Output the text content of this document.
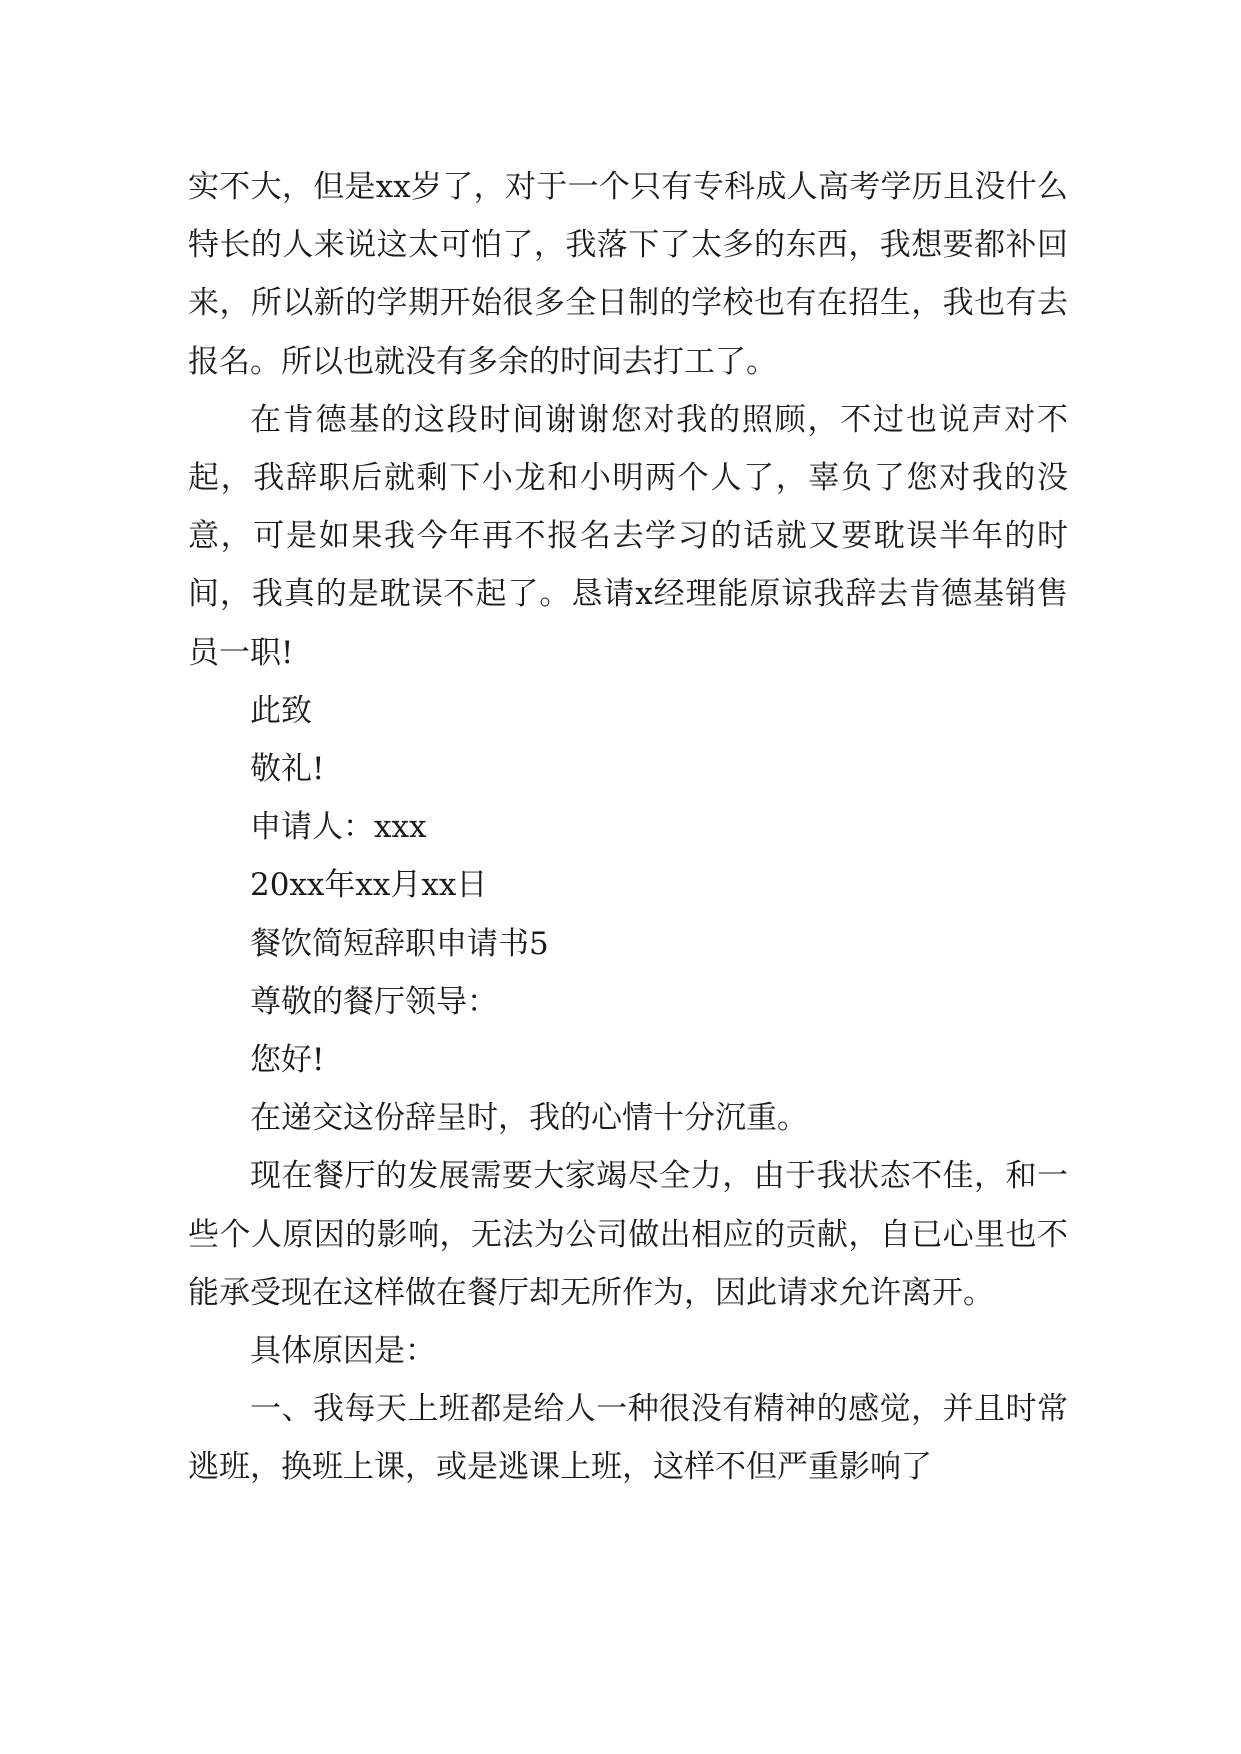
实不大，但是xx岁了，对于一个只有专科成人高考学历且没什么特长的人来说这太可怕了，我落下了太多的东西，我想要都补回来，所以新的学期开始很多全日制的学校也有在招生，我也有去报名。所以也就没有多余的时间去打工了。

在肯德基的这段时间谢谢您对我的照顾，不过也说声对不起，我辞职后就剩下小龙和小明两个人了，辜负了您对我的没意，可是如果我今年再不报名去学习的话就又要耽误半年的时间，我真的是耽误不起了。恳请x经理能原谅我辞去肯德基销售员一职!

此致

敬礼!

申请人：xxx

20xx年xx月xx日

餐饮简短辞职申请书5

尊敬的餐厅领导：

您好!

在递交这份辞呈时，我的心情十分沉重。

现在餐厅的发展需要大家竭尽全力，由于我状态不佳，和一些个人原因的影响，无法为公司做出相应的贡献，自已心里也不能承受现在这样做在餐厅却无所作为，因此请求允许离开。

具体原因是：

一、我每天上班都是给人一种很没有精神的感觉，并且时常逃班，换班上课，或是逃课上班，这样不但严重影响了
